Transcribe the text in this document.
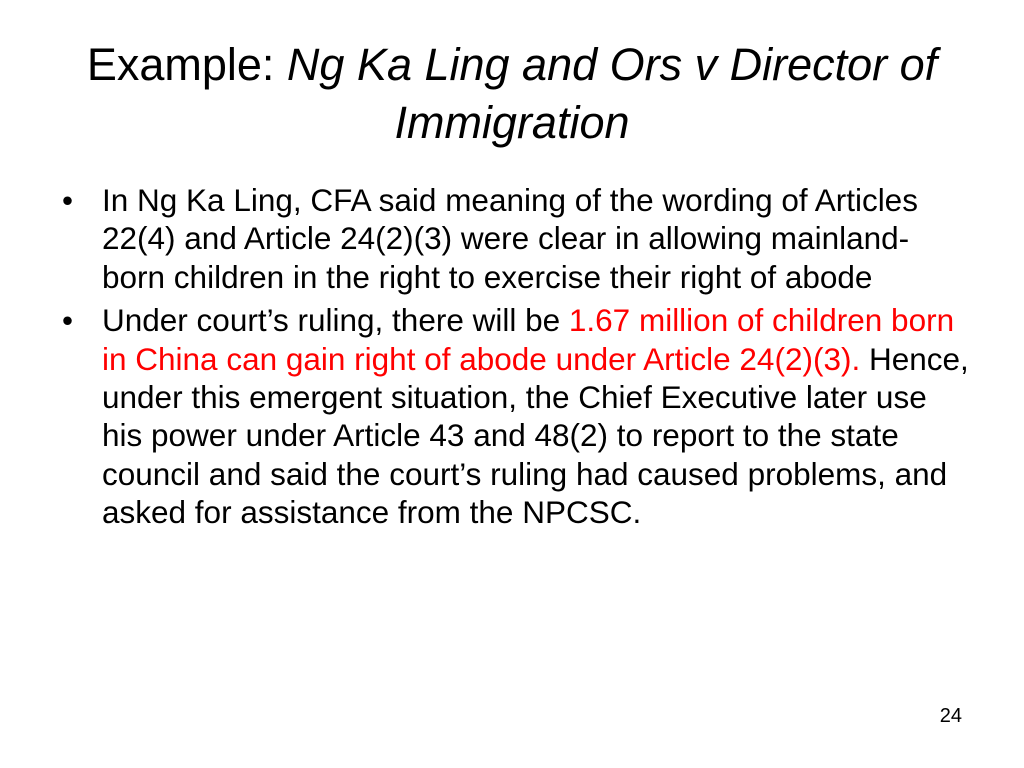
Example: Ng Ka Ling and Ors v Director of Immigration
• In Ng Ka Ling, CFA said meaning of the wording of Articles 22(4) and Article 24(2)(3) were clear in allowing mainland-born children in the right to exercise their right of abode
• Under court’s ruling, there will be 1.67 million of children born in China can gain right of abode under Article 24(2)(3). Hence, under this emergent situation, the Chief Executive later use his power under Article 43 and 48(2) to report to the state council and said the court’s ruling had caused problems, and asked for assistance from the NPCSC.
24
